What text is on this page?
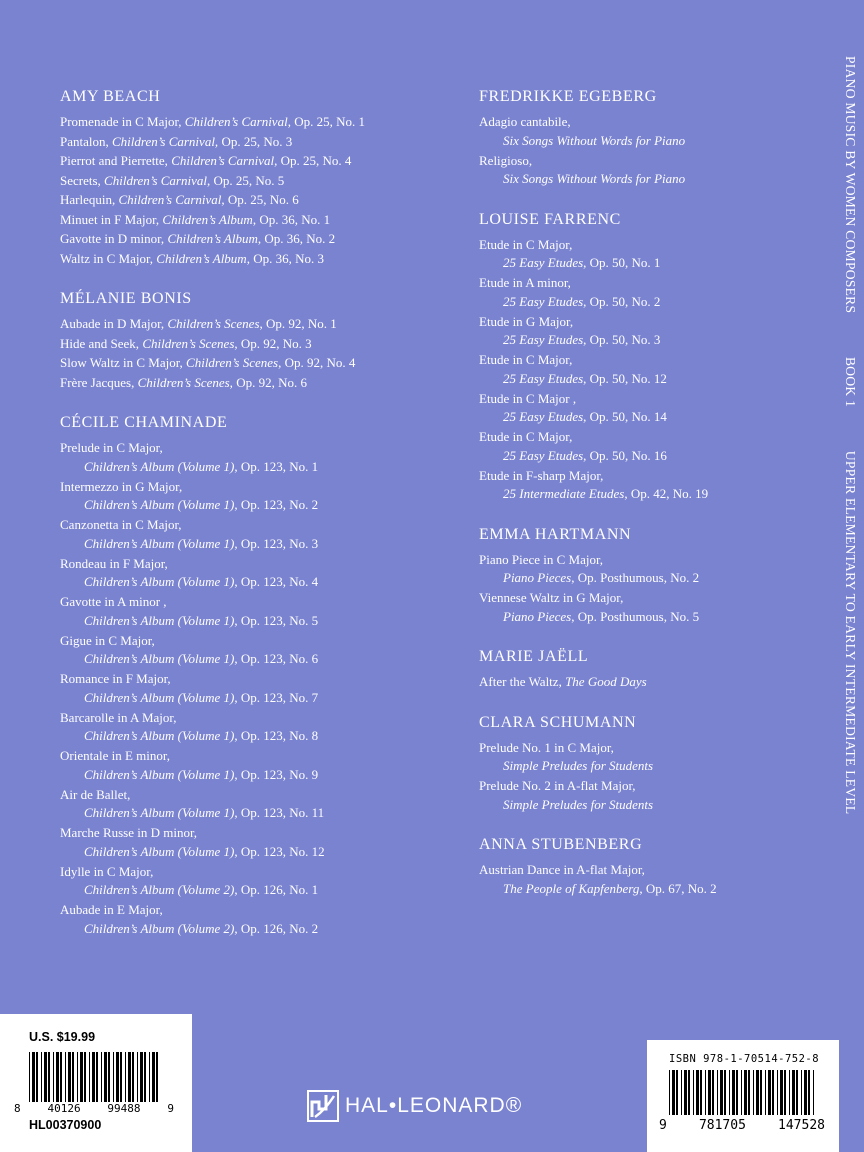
AMY BEACH
Promenade in C Major, Children’s Carnival, Op. 25, No. 1
Pantalon, Children’s Carnival, Op. 25, No. 3
Pierrot and Pierrette, Children’s Carnival, Op. 25, No. 4
Secrets, Children’s Carnival, Op. 25, No. 5
Harlequin, Children’s Carnival, Op. 25, No. 6
Minuet in F Major, Children’s Album, Op. 36, No. 1
Gavotte in D minor, Children’s Album, Op. 36, No. 2
Waltz in C Major, Children’s Album, Op. 36, No. 3
MÉLANIE BONIS
Aubade in D Major, Children’s Scenes, Op. 92, No. 1
Hide and Seek, Children’s Scenes, Op. 92, No. 3
Slow Waltz in C Major, Children’s Scenes, Op. 92, No. 4
Frère Jacques, Children’s Scenes, Op. 92, No. 6
CÉCILE CHAMINADE
Prelude in C Major,
Children’s Album (Volume 1), Op. 123, No. 1
Intermezzo in G Major,
Children’s Album (Volume 1), Op. 123, No. 2
Canzonetta in C Major,
Children’s Album (Volume 1), Op. 123, No. 3
Rondeau in F Major,
Children’s Album (Volume 1), Op. 123, No. 4
Gavotte in A minor ,
Children’s Album (Volume 1), Op. 123, No. 5
Gigue in C Major,
Children’s Album (Volume 1), Op. 123, No. 6
Romance in F Major,
Children’s Album (Volume 1), Op. 123, No. 7
Barcarolle in A Major,
Children’s Album (Volume 1), Op. 123, No. 8
Orientale in E minor,
Children’s Album (Volume 1), Op. 123, No. 9
Air de Ballet,
Children’s Album (Volume 1), Op. 123, No. 11
Marche Russe in D minor,
Children’s Album (Volume 1), Op. 123, No. 12
Idylle in C Major,
Children’s Album (Volume 2), Op. 126, No. 1
Aubade in E Major,
Children’s Album (Volume 2), Op. 126, No. 2
FREDRIKKE EGEBERG
Adagio cantabile,
Six Songs Without Words for Piano
Religioso,
Six Songs Without Words for Piano
LOUISE FARRENC
Etude in C Major,
25 Easy Etudes, Op. 50, No. 1
Etude in A minor,
25 Easy Etudes, Op. 50, No. 2
Etude in G Major,
25 Easy Etudes, Op. 50, No. 3
Etude in C Major,
25 Easy Etudes, Op. 50, No. 12
Etude in C Major ,
25 Easy Etudes, Op. 50, No. 14
Etude in C Major,
25 Easy Etudes, Op. 50, No. 16
Etude in F-sharp Major,
25 Intermediate Etudes, Op. 42, No. 19
EMMA HARTMANN
Piano Piece in C Major,
Piano Pieces, Op. Posthumous, No. 2
Viennese Waltz in G Major,
Piano Pieces, Op. Posthumous, No. 5
MARIE JAËLL
After the Waltz, The Good Days
CLARA SCHUMANN
Prelude No. 1 in C Major,
Simple Preludes for Students
Prelude No. 2 in A-flat Major,
Simple Preludes for Students
ANNA STUBENBERG
Austrian Dance in A-flat Major,
The People of Kapfenberg, Op. 67, No. 2
PIANO MUSIC BY WOMEN COMPOSERS BOOK 1 UPPER ELEMENTARY TO EARLY INTERMEDIATE LEVEL
U.S. $19.99
8 40126 99488 9
HL00370900
HAL•LEONARD®
ISBN 978-1-70514-752-8
9 781705 147528
